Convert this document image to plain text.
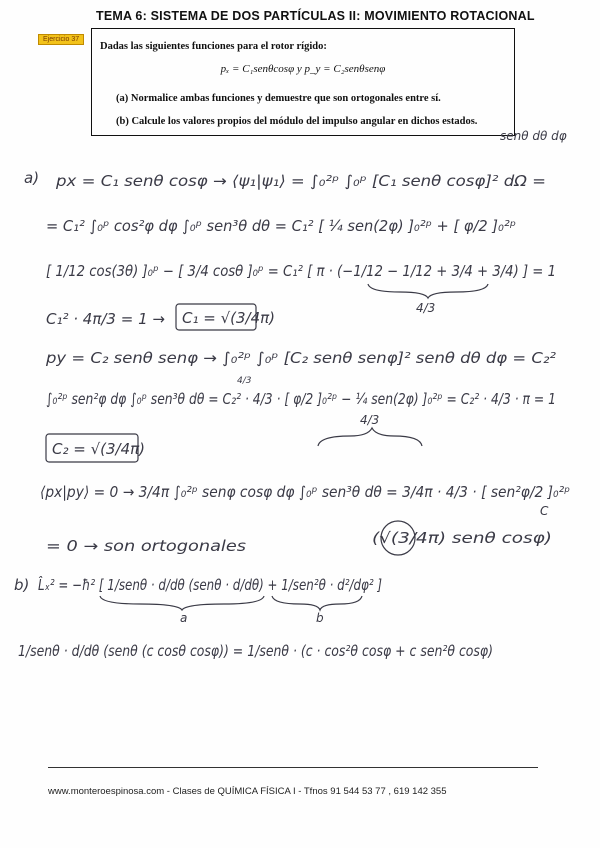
TEMA 6: SISTEMA DE DOS PARTÍCULAS II: MOVIMIENTO ROTACIONAL
Ejercicio 37
Dadas las siguientes funciones para el rotor rígido:
pₓ = C₁senθcosφ y p_y = C₂senθsenφ
(a) Normalice ambas funciones y demuestre que son ortogonales entre sí.
(b) Calcule los valores propios del módulo del impulso angular en dichos estados.
senθ dθ dφ
a) px = C₁ senθ cosφ → ⟨ψ₁|ψ₁⟩ = ∫₀²ᵖ ∫₀ᵖ [C₁ senθ cosφ]² dΩ =
= C₁² ∫₀ᵖ cos²φ dφ ∫₀ᵖ sen³θ dθ = C₁² [ ¼ sen(2φ) ]₀²ᵖ + [ φ/2 ]₀²ᵖ
[ 1/12 cos(3θ) ]₀ᵖ − [ 3/4 cosθ ]₀ᵖ = C₁² [ π · (−1/12 − 1/12 + 3/4 + 3/4) ] = 1
4/3
C₁² · 4π/3 = 1 → C₁ = √(3/4π)
py = C₂ senθ senφ → ∫₀²ᵖ ∫₀ᵖ [C₂ senθ senφ]² senθ dθ dφ = C₂²
4/3
∫₀²ᵖ sen²φ dφ ∫₀ᵖ sen³θ dθ = C₂² · 4/3 · [ φ/2 ]₀²ᵖ − ¼ sen(2φ) ]₀²ᵖ = C₂² · 4/3 · π = 1
C₂ = √(3/4π)
4/3
⟨px|py⟩ = 0 → 3/4π ∫₀²ᵖ senφ cosφ dφ ∫₀ᵖ sen³θ dθ = 3/4π · 4/3 · [ sen²φ/2 ]₀²ᵖ
= 0 → son ortogonales
C
(√(3/4π) senθ cosφ)
b) L̂ₓ² = −ħ² [ 1/senθ · d/dθ (senθ · d/dθ) + 1/sen²θ · d²/dφ² ]
a	b
1/senθ · d/dθ (senθ (c cosθ cosφ)) = 1/senθ · (c · cos²θ cosφ + c sen²θ cosφ)
www.monteroespinosa.com - Clases de QUÍMICA FÍSICA I - Tfnos 91 544 53 77 , 619 142 355
